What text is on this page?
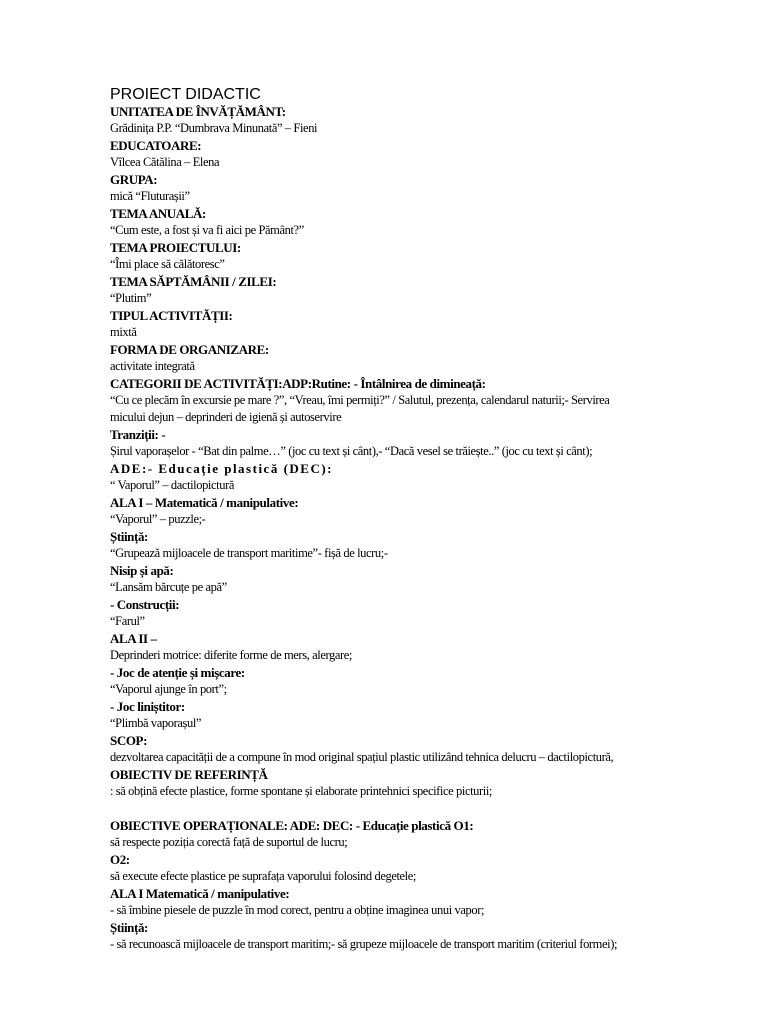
PROIECT DIDACTIC
UNITATEA DE ÎNVĂȚĂMÂNT:
Grădinița P.P. “Dumbrava Minunată” – Fieni
EDUCATOARE:
Vîlcea Cătălina – Elena
GRUPA:
mică “Fluturașii”
TEMA ANUALĂ:
“Cum este, a fost și va fi aici pe Pământ?”
TEMA PROIECTULUI:
“Îmi place să călătoresc”
TEMA SĂPTĂMÂNII / ZILEI:
“Plutim”
TIPUL ACTIVITĂȚII:
mixtă
FORMA DE ORGANIZARE:
activitate integrată
CATEGORII DE ACTIVITĂȚI:ADP:Rutine: - Întâlnirea de dimineață:
“Cu ce plecăm în excursie pe mare ?”, “Vreau, îmi permiți?” / Salutul, prezența, calendarul naturii;- Servirea
micului dejun – deprinderi de igienă și autoservire
Tranziții: -
Șirul vaporașelor - “Bat din palme…” (joc cu text și cânt),- “Dacă vesel se trăiește..” (joc cu text și cânt);
ADE:- Educație plastică (DEC):
“ Vaporul” – dactilopictură
ALA I – Matematică / manipulative:
“Vaporul” – puzzle;-
Știință:
“Grupează mijloacele de transport maritime”- fișă de lucru;-
Nisip și apă:
“Lansăm bărcuțe pe apă”
- Construcții:
“Farul”
ALA II –
Deprinderi motrice: diferite forme de mers, alergare;
- Joc de atenție și mișcare:
“Vaporul ajunge în port”;
- Joc liniștitor:
“Plimbă vaporașul”
SCOP:
dezvoltarea capacității de a compune în mod original spațiul plastic utilizând tehnica delucru – dactilopictură,
OBIECTIV DE REFERINȚĂ
: să obțină efecte plastice, forme spontane și elaborate printehnici specifice picturii;
OBIECTIVE OPERAȚIONALE: ADE: DEC: - Educație plastică O1:
să respecte poziția corectă față de suportul de lucru;
O2:
să execute efecte plastice pe suprafața vaporului folosind degetele;
ALA I Matematică / manipulative:
- să îmbine piesele de puzzle în mod corect, pentru a obține imaginea unui vapor;
Știință:
- să recunoască mijloacele de transport maritim;- să grupeze mijloacele de transport maritim (criteriul formei);
